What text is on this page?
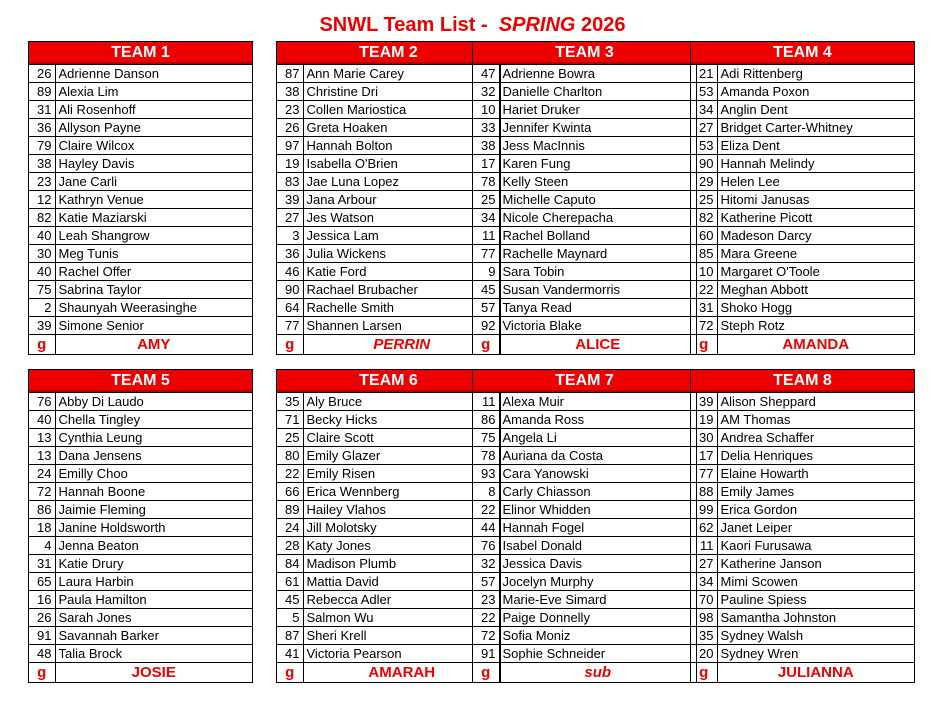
SNWL Team List - SPRING 2026
TEAM 1
26	Adrienne Danson
89	Alexia Lim
31	Ali Rosenhoff
36	Allyson Payne
79	Claire Wilcox
38	Hayley Davis
23	Jane Carli
12	Kathryn Venue
82	Katie Maziarski
40	Leah Shangrow
30	Meg Tunis
40	Rachel Offer
75	Sabrina Taylor
2	Shaunyah Weerasinghe
39	Simone Senior
g	AMY
TEAM 2
87	Ann Marie Carey
38	Christine Dri
23	Collen Mariostica
26	Greta Hoaken
97	Hannah Bolton
19	Isabella O'Brien
83	Jae Luna Lopez
39	Jana Arbour
27	Jes Watson
3	Jessica Lam
36	Julia Wickens
46	Katie Ford
90	Rachael Brubacher
64	Rachelle Smith
77	Shannen Larsen
g	PERRIN
TEAM 3
47	Adrienne Bowra
32	Danielle Charlton
10	Hariet Druker
33	Jennifer Kwinta
38	Jess MacInnis
17	Karen Fung
78	Kelly Steen
25	Michelle Caputo
34	Nicole Cherepacha
11	Rachel Bolland
77	Rachelle Maynard
9	Sara Tobin
45	Susan Vandermorris
57	Tanya Read
92	Victoria Blake
g	ALICE
TEAM 4
21	Adi Rittenberg
53	Amanda Poxon
34	Anglin Dent
27	Bridget Carter-Whitney
53	Eliza Dent
90	Hannah Melindy
29	Helen Lee
25	Hitomi Janusas
82	Katherine Picott
60	Madeson Darcy
85	Mara Greene
10	Margaret O'Toole
22	Meghan Abbott
31	Shoko Hogg
72	Steph Rotz
g	AMANDA
TEAM 5
76	Abby Di Laudo
40	Chella Tingley
13	Cynthia Leung
13	Dana Jensens
24	Emilly Choo
72	Hannah Boone
86	Jaimie Fleming
18	Janine Holdsworth
4	Jenna Beaton
31	Katie Drury
65	Laura Harbin
16	Paula Hamilton
26	Sarah Jones
91	Savannah Barker
48	Talia Brock
g	JOSIE
TEAM 6
35	Aly Bruce
71	Becky Hicks
25	Claire Scott
80	Emily Glazer
22	Emily Risen
66	Erica Wennberg
89	Hailey Vlahos
24	Jill Molotsky
28	Katy Jones
84	Madison Plumb
61	Mattia David
45	Rebecca Adler
5	Salmon Wu
87	Sheri Krell
41	Victoria Pearson
g	AMARAH
TEAM 7
11	Alexa Muir
86	Amanda Ross
75	Angela Li
78	Auriana da Costa
93	Cara Yanowski
8	Carly Chiasson
22	Elinor Whidden
44	Hannah Fogel
76	Isabel Donald
32	Jessica Davis
57	Jocelyn Murphy
23	Marie-Eve Simard
22	Paige Donnelly
72	Sofia Moniz
91	Sophie Schneider
g	sub
TEAM 8
39	Alison Sheppard
19	AM Thomas
30	Andrea Schaffer
17	Delia Henriques
77	Elaine Howarth
88	Emily James
99	Erica Gordon
62	Janet Leiper
11	Kaori Furusawa
27	Katherine Janson
34	Mimi Scowen
70	Pauline Spiess
98	Samantha Johnston
35	Sydney Walsh
20	Sydney Wren
g	JULIANNA
